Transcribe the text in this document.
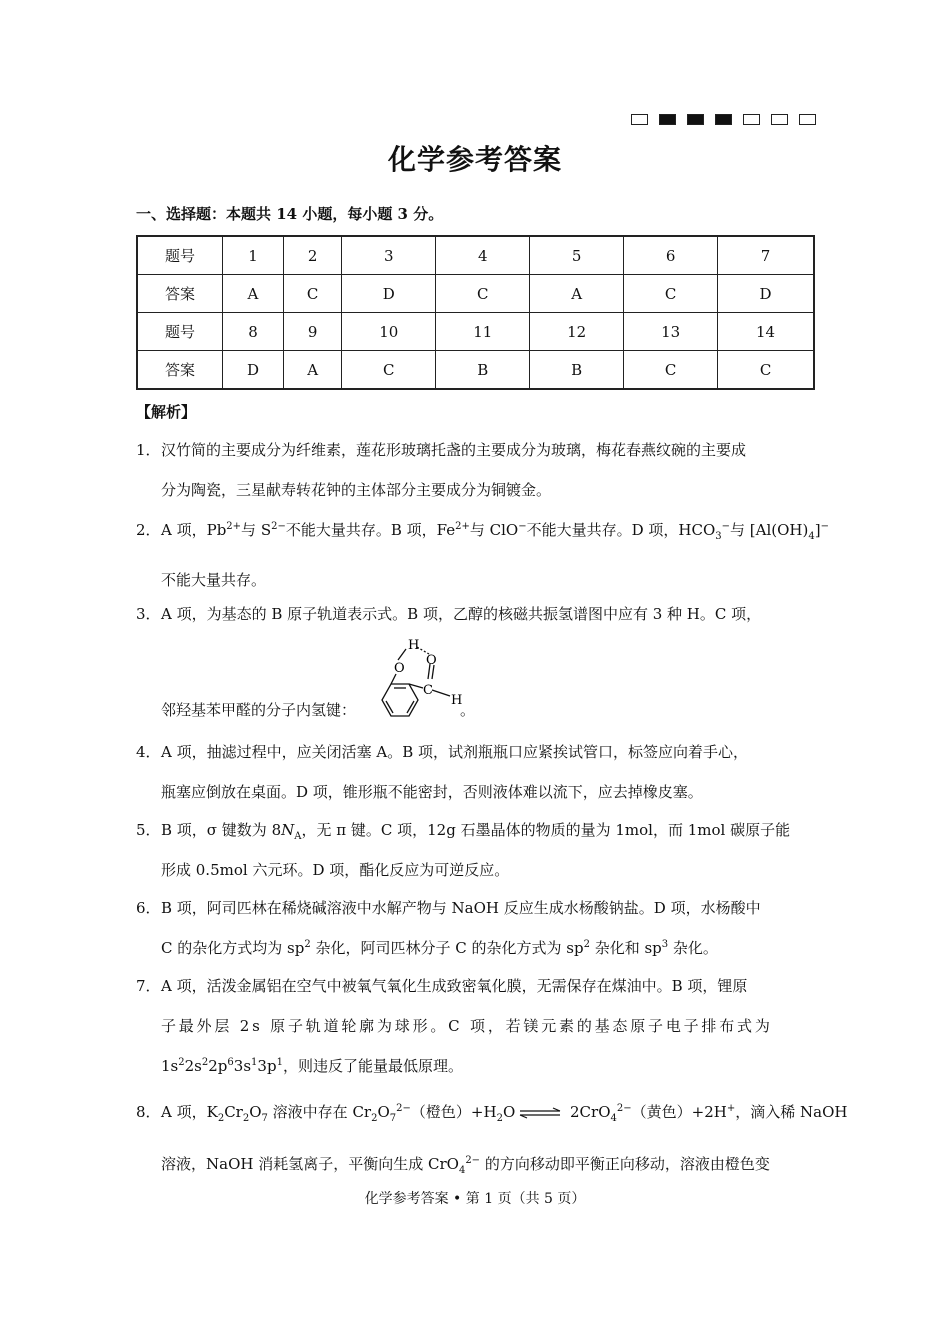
化学参考答案
一、选择题：本题共 14 小题，每小题 3 分。
题号	1	2	3	4	5	6	7
答案	A	C	D	C	A	C	D
题号	8	9	10	11	12	13	14
答案	D	A	C	B	B	C	C
【解析】
1． 汉竹简的主要成分为纤维素，莲花形玻璃托盏的主要成分为玻璃，梅花春燕纹碗的主要成
分为陶瓷，三星献寿转花钟的主体部分主要成分为铜镀金。
2． A 项，$Pb^{2+}$与 $S^{2-}$不能大量共存。B 项，$Fe^{2+}$与 ClO−不能大量共存。D 项，$HCO_3^-$与 $[Al(OH)_4]^-$
不能大量共存。
3． A 项，为基态的 B 原子轨道表示式。B 项，乙醇的核磁共振氢谱图中应有 3 种 H。C 项，
邻羟基苯甲醛的分子内氢键：
O
H
O
C
H
。
4． A 项，抽滤过程中，应关闭活塞 A。B 项，试剂瓶瓶口应紧挨试管口，标签应向着手心，
瓶塞应倒放在桌面。D 项，锥形瓶不能密封，否则液体难以流下，应去掉橡皮塞。
5． B 项，σ 键数为 $8N_A$，无 π 键。C 项，12g 石墨晶体的物质的量为 1mol，而 1mol 碳原子能
形成 0.5mol 六元环。D 项，酯化反应为可逆反应。
6． B 项，阿司匹林在稀烧碱溶液中水解产物与 NaOH 反应生成水杨酸钠盐。D 项，水杨酸中
C 的杂化方式均为 $sp^2$ 杂化，阿司匹林分子 C 的杂化方式为 $sp^2$ 杂化和 $sp^3$ 杂化。
7． A 项，活泼金属铝在空气中被氧气氧化生成致密氧化膜，无需保存在煤油中。B 项，锂原
子最外层 2s 原子轨道轮廓为球形。C 项，若镁元素的基态原子电子排布式为
$1s^22s^22p^63s^13p^1$ ，则违反了能量最低原理。
8． A 项，$K_2Cr_2O_7$ 溶液中存在 $Cr_2O_7^{2-}$（橙色）$+H_2O$ ⇌ 2CrO$_4^{2-}$（黄色）+2H+，滴入稀 NaOH
溶液，NaOH 消耗氢离子，平衡向生成 CrO$_4^{2-}$ 的方向移动即平衡正向移动，溶液由橙色变
化学参考答案 • 第 1 页（共 5 页）
